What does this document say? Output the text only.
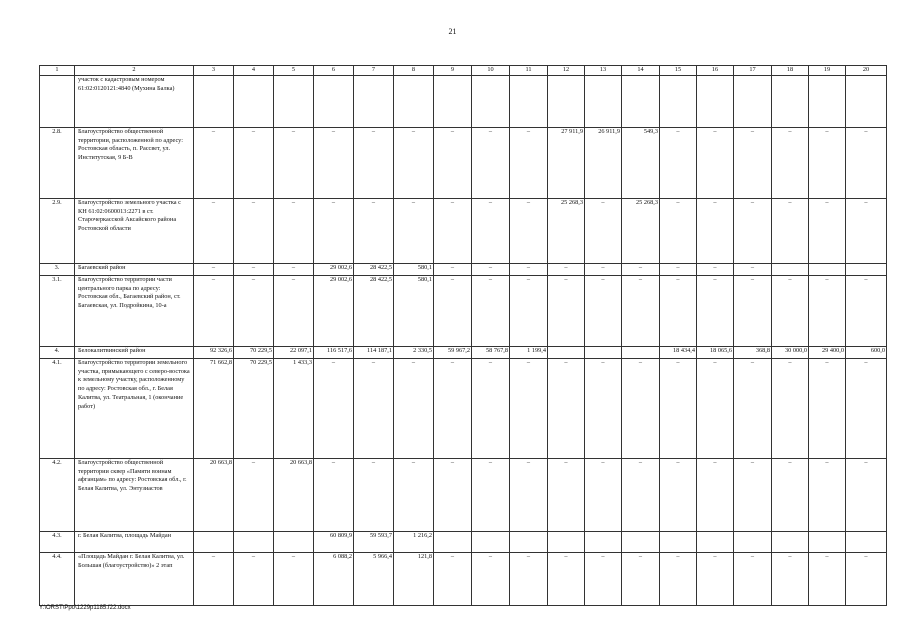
21
1	2	3	4	5	6	7	8	9	10	11	12	13	14	15	16	17	18	19	20
	участок с кадастровым номером 61:02:0120121:4840 (Мухина Балка)																		
2.8.	Благоустройство общественной территории, расположенной по адресу: Ростовская область, п. Рассвет, ул. Институтская, 9 Б-В	–	–	–	–	–	–	–	–	–	27 911,9	26 911,9	549,3	–	–	–	–	–	–
2.9.	Благоустройство земельного участка с КН 61:02:0600013:2271 в ст. Старочеркасской Аксайского района Ростовской области	–	–	–	–	–	–	–	–	–	25 268,3	–	25 268,3	–	–	–	–	–	–
3.	Багаевский район	–	–	–	29 002,6	28 422,5	580,1	–	–	–	–	–	–	–	–	–			
3.1.	Благоустройство территории части центрального парка по адресу: Ростовская обл., Багаевский район, ст. Багаевская, ул. Подройкина, 10-а	–	–	–	29 002,6	28 422,5	580,1	–	–	–	–	–	–	–	–	–	–	–	–
4.	Белокалитвинский район	92 326,6	70 229,5	22 097,1	116 517,6	114 187,1	2 330,5	59 967,2	58 767,8	1 199,4				18 434,4	18 065,6	368,8	30 000,0	29 400,0	600,0
4.1.	Благоустройство территории земельного участка, примыкающего с северо-востока к земельному участку, расположенному по адресу: Ростовская обл., г. Белая Калитва, ул. Театральная, 1 (окончание работ)	71 662,8	70 229,5	1 433,3	–	–	–	–	–	–	–	–	–	–	–	–	–	–	–
4.2.	Благоустройство общественной территории сквер «Памяти воинам афганцам» по адресу: Ростовская обл., г. Белая Калитва, ул. Энтузиастов	20 663,8	–	20 663,8	–	–	–	–	–	–	–	–	–	–	–	–	–	–	–
4.3.	г. Белая Калитва, площадь Майдан				60 809,9	59 593,7	1 216,2												
4.4.	«Площадь Майдан г. Белая Калитва, ул. Большая (благоустройство)» 2 этап	–	–	–	6 088,2	5 966,4	121,8	–	–	–	–	–	–	–	–	–	–	–	–
Y:\ORST\Ppo\1229p1185.f22.docx
